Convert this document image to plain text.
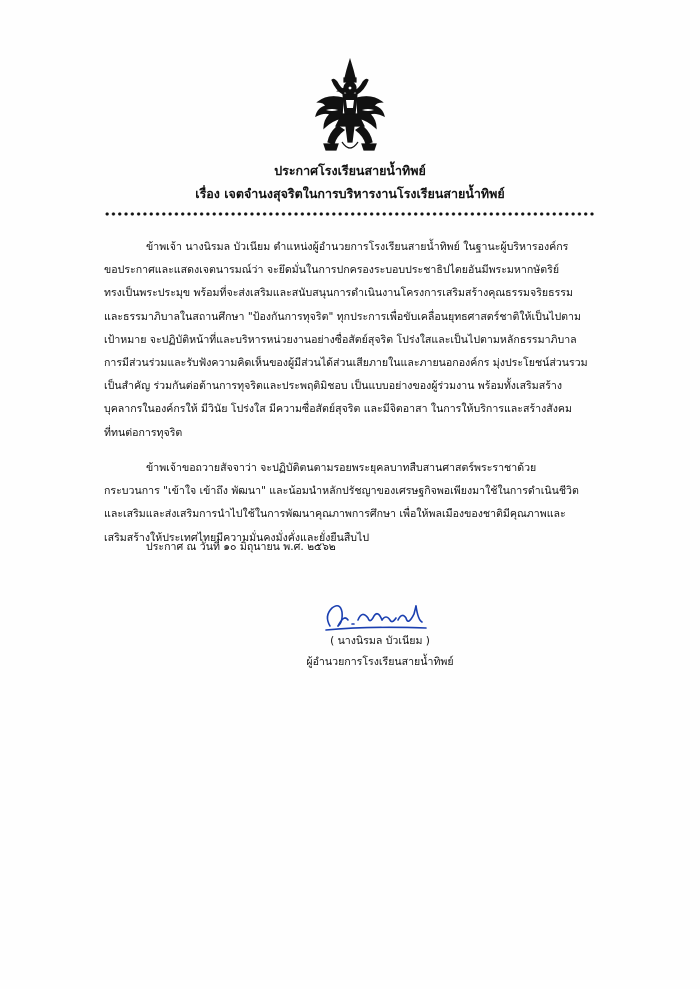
ประกาศโรงเรียนสายน้ำทิพย์
เรื่อง เจตจำนงสุจริตในการบริหารงานโรงเรียนสายน้ำทิพย์
ข้าพเจ้า นางนิรมล บัวเนียม ตำแหน่งผู้อำนวยการโรงเรียนสายน้ำทิพย์ ในฐานะผู้บริหารองค์กร
ขอประกาศและแสดงเจตนารมณ์ว่า จะยึดมั่นในการปกครองระบอบประชาธิปไตยอันมีพระมหากษัตริย์
ทรงเป็นพระประมุข พร้อมที่จะส่งเสริมและสนับสนุนการดำเนินงานโครงการเสริมสร้างคุณธรรมจริยธรรม
และธรรมาภิบาลในสถานศึกษา "ป้องกันการทุจริต" ทุกประการเพื่อขับเคลื่อนยุทธศาสตร์ชาติให้เป็นไปตาม
เป้าหมาย จะปฏิบัติหน้าที่และบริหารหน่วยงานอย่างซื่อสัตย์สุจริต โปร่งใสและเป็นไปตามหลักธรรมาภิบาล
การมีส่วนร่วมและรับฟังความคิดเห็นของผู้มีส่วนได้ส่วนเสียภายในและภายนอกองค์กร มุ่งประโยชน์ส่วนรวม
เป็นสำคัญ ร่วมกันต่อต้านการทุจริตและประพฤติมิชอบ เป็นแบบอย่างของผู้ร่วมงาน พร้อมทั้งเสริมสร้าง
บุคลากรในองค์กรให้ มีวินัย โปร่งใส มีความซื่อสัตย์สุจริต และมีจิตอาสา ในการให้บริการและสร้างสังคม
ที่ทนต่อการทุจริต
ข้าพเจ้าขอถวายสัจจาว่า จะปฏิบัติตนตามรอยพระยุคลบาทสืบสานศาสตร์พระราชาด้วย
กระบวนการ "เข้าใจ เข้าถึง พัฒนา" และน้อมนำหลักปรัชญาของเศรษฐกิจพอเพียงมาใช้ในการดำเนินชีวิต
และเสริมและส่งเสริมการนำไปใช้ในการพัฒนาคุณภาพการศึกษา เพื่อให้พลเมืองของชาติมีคุณภาพและ
เสริมสร้างให้ประเทศไทยมีความมั่นคงมั่งคั่งและยั่งยืนสืบไป
ประกาศ ณ วันที่ ๑๐ มิถุนายน พ.ศ. ๒๕๖๒
( นางนิรมล บัวเนียม )
ผู้อำนวยการโรงเรียนสายน้ำทิพย์
